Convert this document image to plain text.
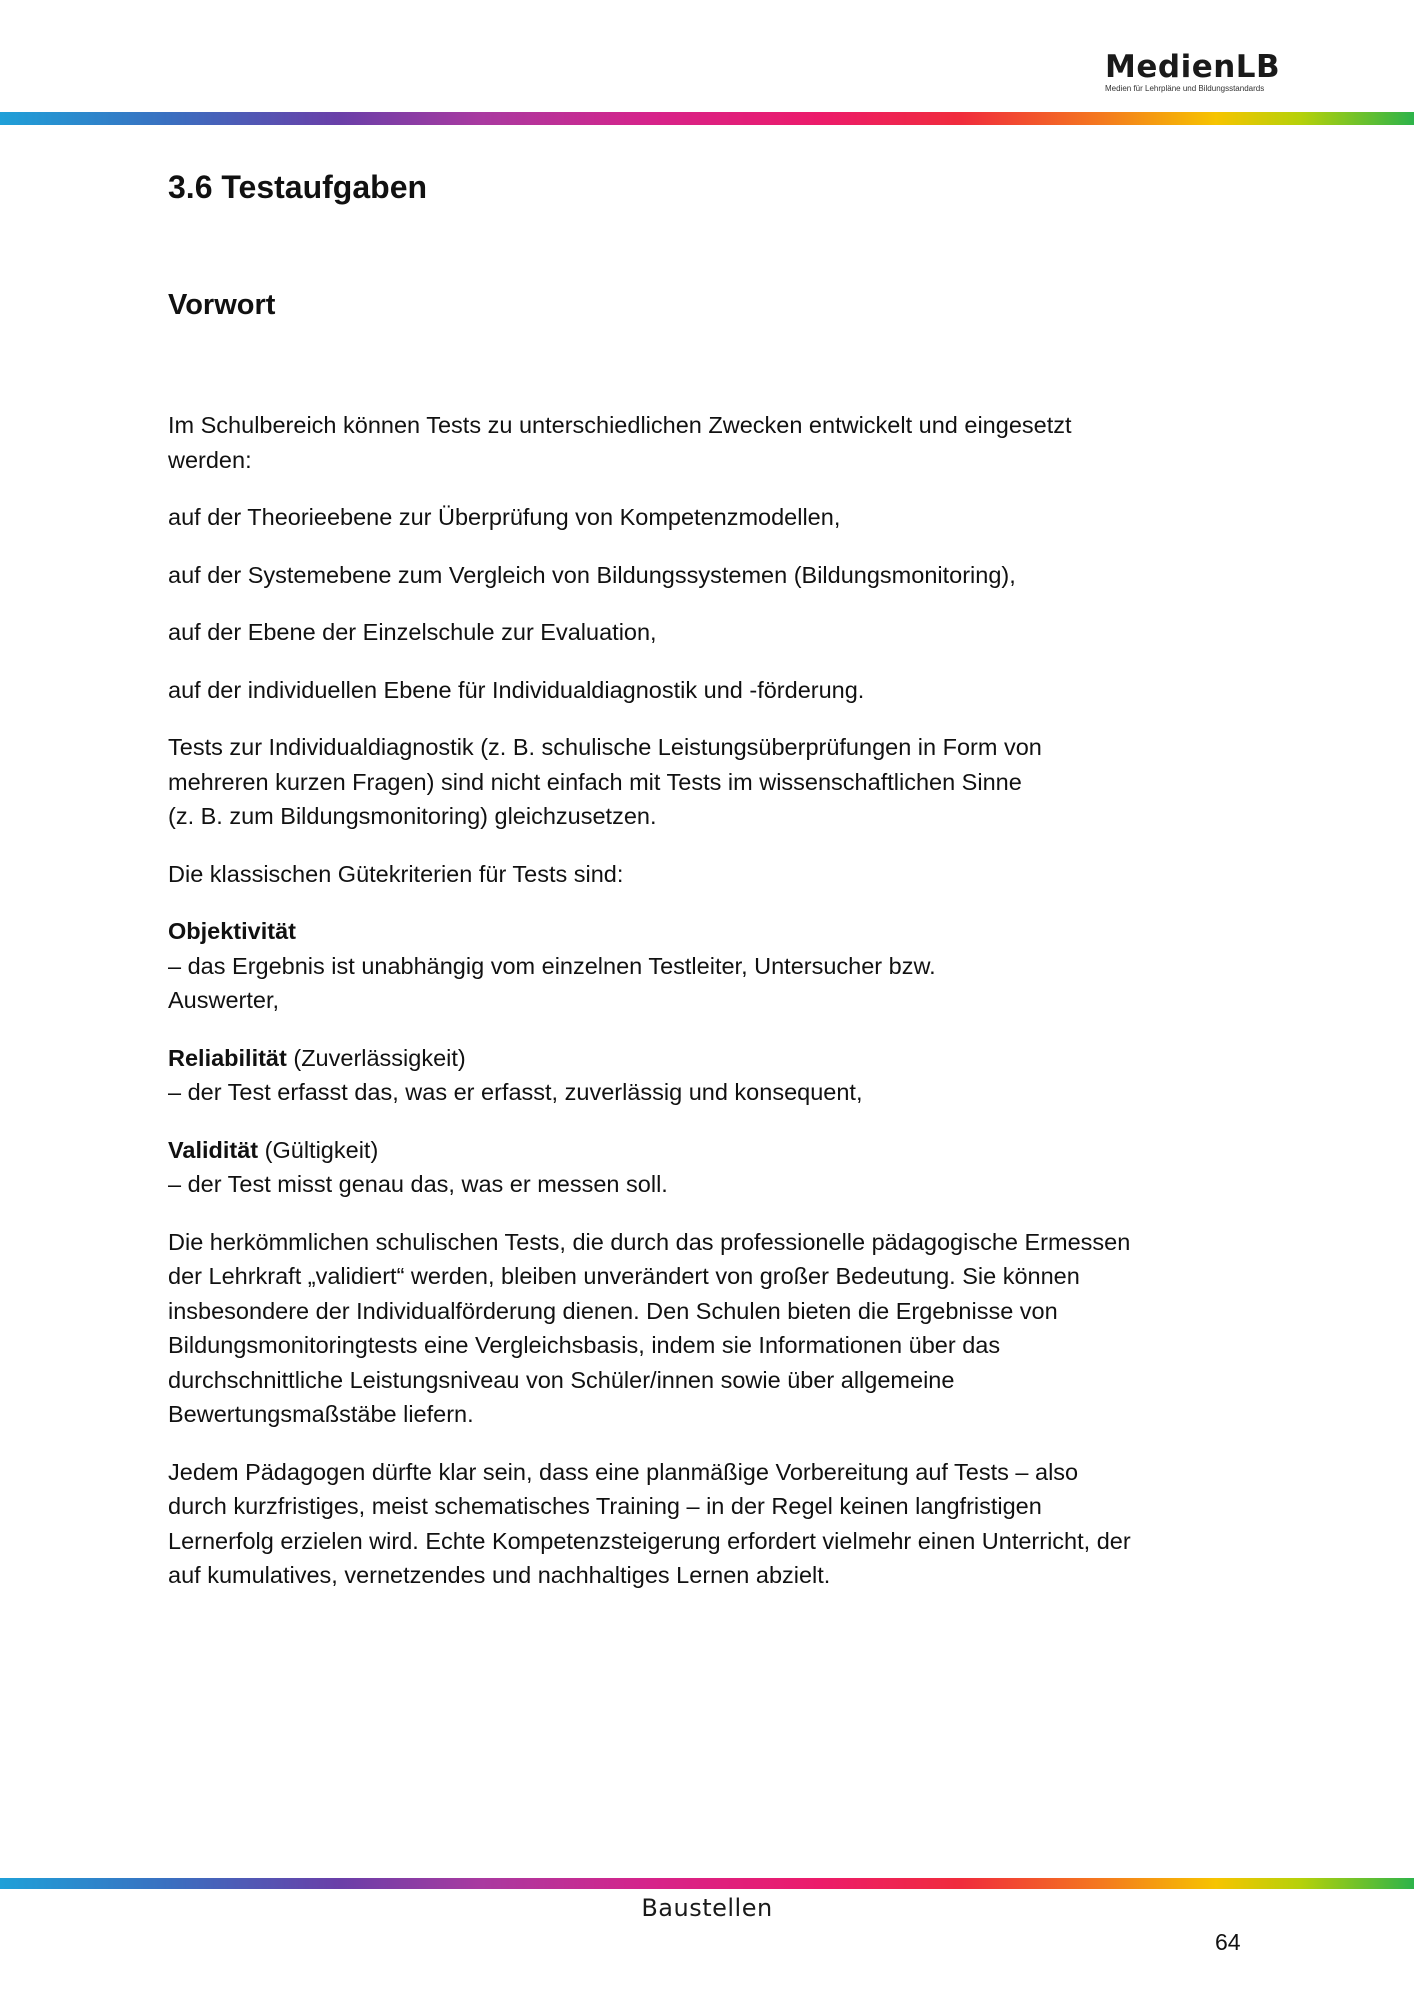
MedienLB
Medien für Lehrpläne und Bildungsstandards
3.6 Testaufgaben
Vorwort

Im Schulbereich können Tests zu unterschiedlichen Zwecken entwickelt und eingesetzt
werden:

auf der Theorieebene zur Überprüfung von Kompetenzmodellen,

auf der Systemebene zum Vergleich von Bildungssystemen (Bildungsmonitoring),

auf der Ebene der Einzelschule zur Evaluation,

auf der individuellen Ebene für Individualdiagnostik und -förderung.

Tests zur Individualdiagnostik (z. B. schulische Leistungsüberprüfungen in Form von
mehreren kurzen Fragen) sind nicht einfach mit Tests im wissenschaftlichen Sinne
(z. B. zum Bildungsmonitoring) gleichzusetzen.

Die klassischen Gütekriterien für Tests sind:

Objektivität
– das Ergebnis ist unabhängig vom einzelnen Testleiter, Untersucher bzw.
Auswerter,

Reliabilität (Zuverlässigkeit)
– der Test erfasst das, was er erfasst, zuverlässig und konsequent,

Validität (Gültigkeit)
– der Test misst genau das, was er messen soll.

Die herkömmlichen schulischen Tests, die durch das professionelle pädagogische Ermessen
der Lehrkraft „validiert“ werden, bleiben unverändert von großer Bedeutung. Sie können
insbesondere der Individualförderung dienen. Den Schulen bieten die Ergebnisse von
Bildungsmonitoringtests eine Vergleichsbasis, indem sie Informationen über das
durchschnittliche Leistungsniveau von Schüler/innen sowie über allgemeine
Bewertungsmaßstäbe liefern.

Jedem Pädagogen dürfte klar sein, dass eine planmäßige Vorbereitung auf Tests – also
durch kurzfristiges, meist schematisches Training – in der Regel keinen langfristigen
Lernerfolg erzielen wird. Echte Kompetenzsteigerung erfordert vielmehr einen Unterricht, der
auf kumulatives, vernetzendes und nachhaltiges Lernen abzielt.

Baustellen
64
